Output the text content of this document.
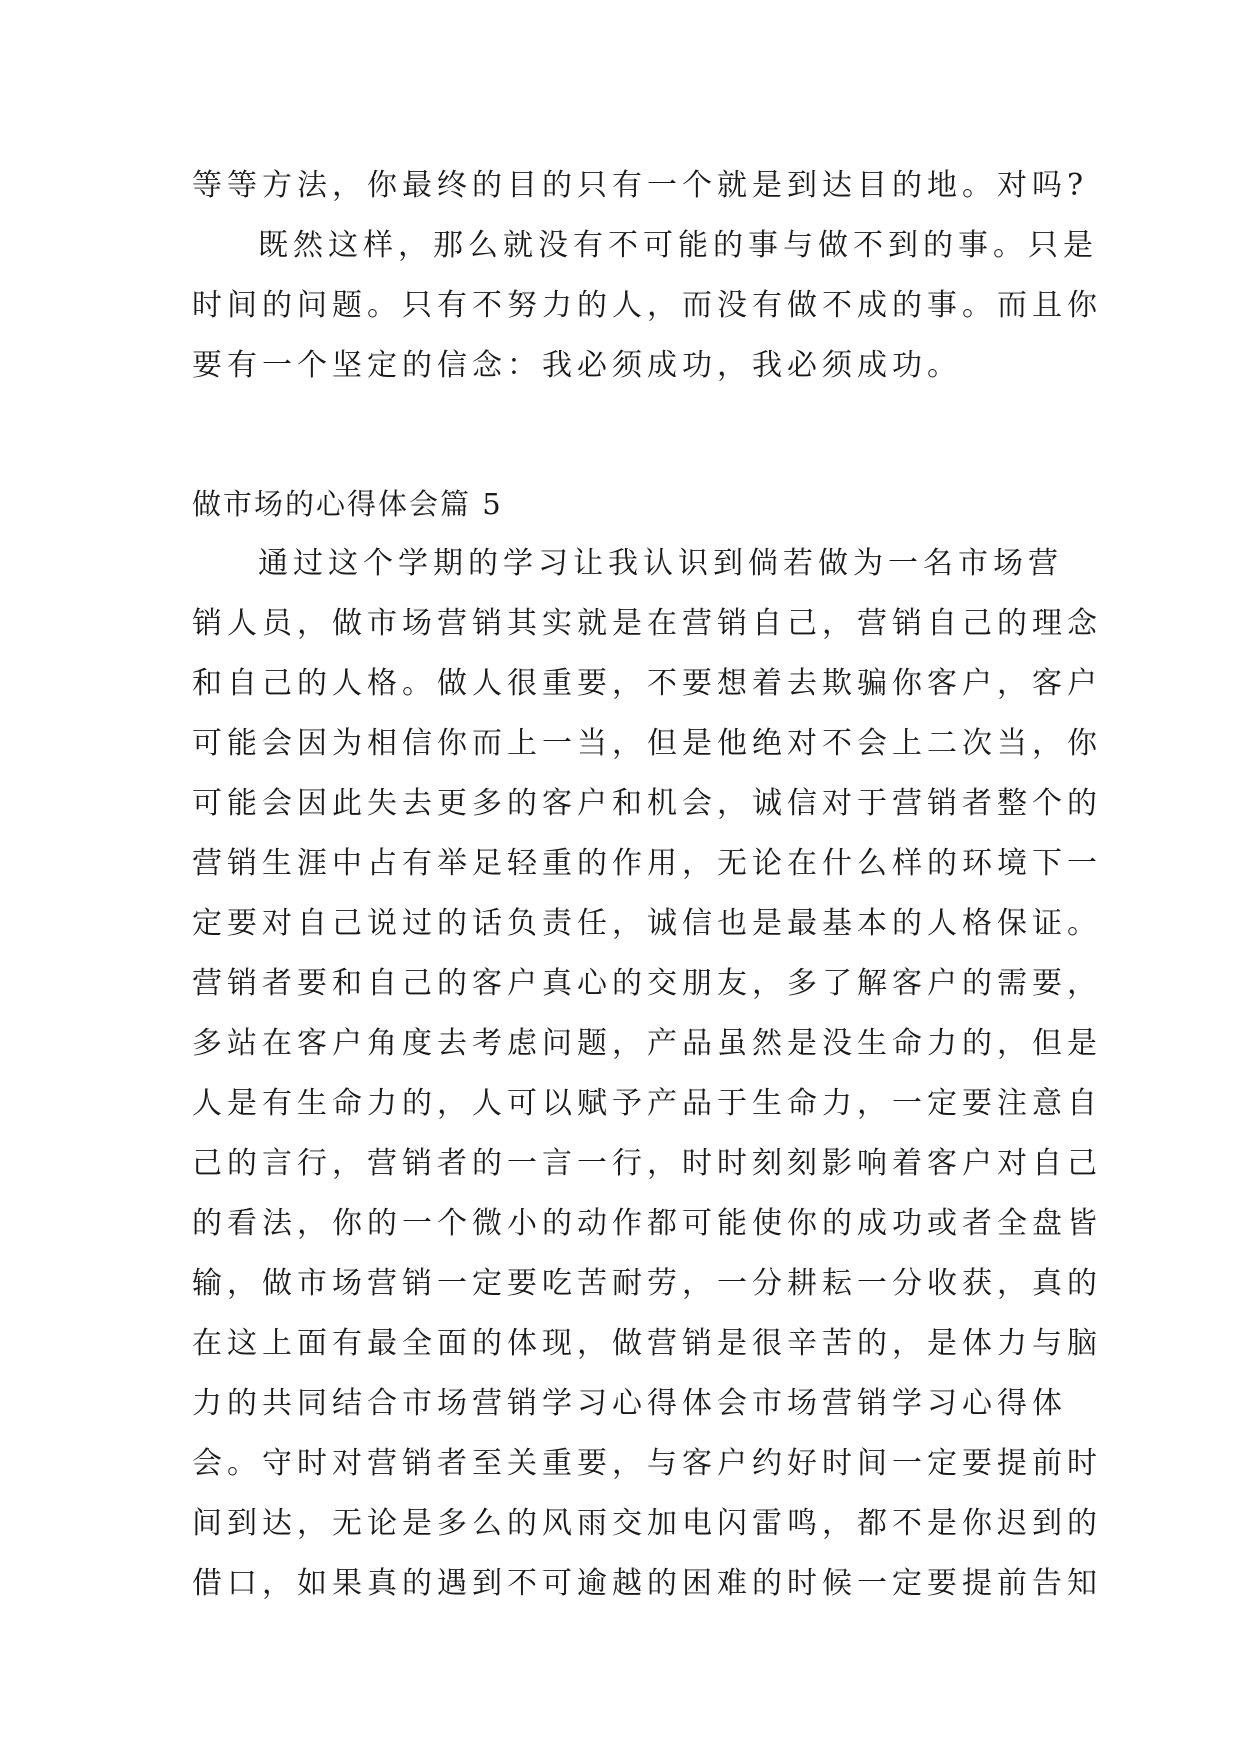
等等方法，你最终的目的只有一个就是到达目的地。对吗?
既然这样，那么就没有不可能的事与做不到的事。只是
时间的问题。只有不努力的人，而没有做不成的事。而且你
要有一个坚定的信念：我必须成功，我必须成功。
做市场的心得体会篇 5
通过这个学期的学习让我认识到倘若做为一名市场营
销人员，做市场营销其实就是在营销自己，营销自己的理念
和自己的人格。做人很重要，不要想着去欺骗你客户，客户
可能会因为相信你而上一当，但是他绝对不会上二次当，你
可能会因此失去更多的客户和机会，诚信对于营销者整个的
营销生涯中占有举足轻重的作用，无论在什么样的环境下一
定要对自己说过的话负责任，诚信也是最基本的人格保证。
营销者要和自己的客户真心的交朋友，多了解客户的需要，
多站在客户角度去考虑问题，产品虽然是没生命力的，但是
人是有生命力的，人可以赋予产品于生命力，一定要注意自
己的言行，营销者的一言一行，时时刻刻影响着客户对自己
的看法，你的一个微小的动作都可能使你的成功或者全盘皆
输，做市场营销一定要吃苦耐劳，一分耕耘一分收获，真的
在这上面有最全面的体现，做营销是很辛苦的，是体力与脑
力的共同结合市场营销学习心得体会市场营销学习心得体
会。守时对营销者至关重要，与客户约好时间一定要提前时
间到达，无论是多么的风雨交加电闪雷鸣，都不是你迟到的
借口，如果真的遇到不可逾越的困难的时候一定要提前告知
